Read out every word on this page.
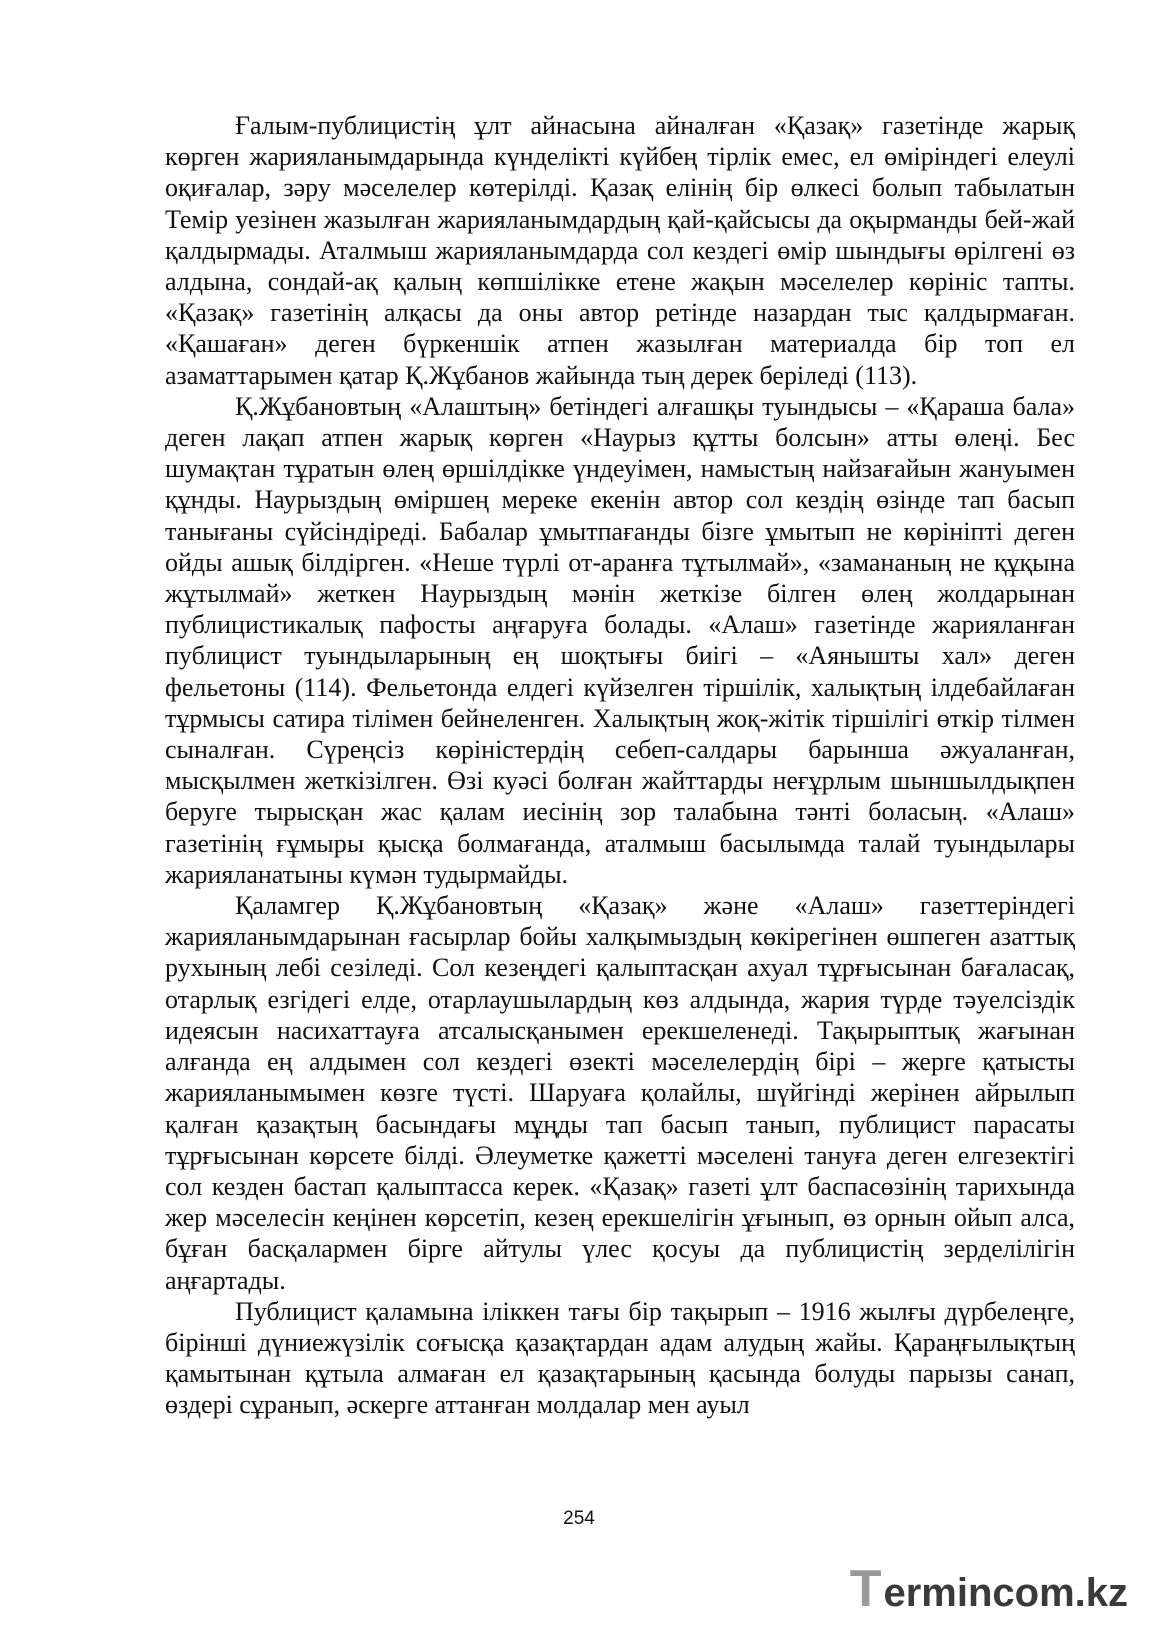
Ғалым-публицистің ұлт айнасына айналған «Қазақ» газетінде жарық көрген жарияланымдарында күнделікті күйбең тірлік емес, ел өміріндегі елеулі оқиғалар, зәру мәселелер көтерілді. Қазақ елінің бір өлкесі болып табылатын Темір уезінен жазылған жарияланымдардың қай-қайсысы да оқырманды бей-жай қалдырмады. Аталмыш жарияланымдарда сол кездегі өмір шындығы өрілгені өз алдына, сондай-ақ қалың көпшілікке етене жақын мәселелер көрініс тапты. «Қазақ» газетінің алқасы да оны автор ретінде назардан тыс қалдырмаған. «Қашаған» деген бүркеншік атпен жазылған материалда бір топ ел азаматтарымен қатар Қ.Жұбанов жайында тың дерек беріледі (113).

Қ.Жұбановтың «Алаштың» бетіндегі алғашқы туындысы – «Қараша бала» деген лақап атпен жарық көрген «Наурыз құтты болсын» атты өлеңі. Бес шумақтан тұратын өлең өршілдікке үндеуімен, намыстың найзағайын жануымен құнды. Наурыздың өміршең мереке екенін автор сол кездің өзінде тап басып танығаны сүйсіндіреді. Бабалар ұмытпағанды бізге ұмытып не көрініпті деген ойды ашық білдірген. «Неше түрлі от-аранға тұтылмай», «замананың не құқына жұтылмай» жеткен Наурыздың мәнін жеткізе білген өлең жолдарынан публицистикалық пафосты аңғаруға болады. «Алаш» газетінде жарияланған публицист туындыларының ең шоқтығы биігі – «Аянышты хал» деген фельетоны (114). Фельетонда елдегі күйзелген тіршілік, халықтың ілдебайлаған тұрмысы сатира тілімен бейнеленген. Халықтың жоқ-жітік тіршілігі өткір тілмен сыналған. Сүреңсіз көріністердің себеп-салдары барынша әжуаланған, мысқылмен жеткізілген. Өзі куәсі болған жайттарды неғұрлым шыншылдықпен беруге тырысқан жас қалам иесінің зор талабына тәнті боласың. «Алаш» газетінің ғұмыры қысқа болмағанда, аталмыш басылымда талай туындылары жарияланатыны күмән тудырмайды.

Қаламгер Қ.Жұбановтың «Қазақ» және «Алаш» газеттеріндегі жарияланымдарынан ғасырлар бойы халқымыздың көкірегінен өшпеген азаттық рухының лебі сезіледі. Сол кезеңдегі қалыптасқан ахуал тұрғысынан бағаласақ, отарлық езгідегі елде, отарлаушылардың көз алдында, жария түрде тәуелсіздік идеясын насихаттауға атсалысқанымен ерекшеленеді. Тақырыптық жағынан алғанда ең алдымен сол кездегі өзекті мәселелердің бірі – жерге қатысты жарияланымымен көзге түсті. Шаруаға қолайлы, шүйгінді жерінен айрылып қалған қазақтың басындағы мұңды тап басып танып, публицист парасаты тұрғысынан көрсете білді. Әлеуметке қажетті мәселені тануға деген елгезектігі сол кезден бастап қалыптасса керек. «Қазақ» газеті ұлт баспасөзінің тарихында жер мәселесін кеңінен көрсетіп, кезең ерекшелігін ұғынып, өз орнын ойып алса, бұған басқалармен бірге айтулы үлес қосуы да публицистің зерделілігін аңғартады.

Публицист қаламына іліккен тағы бір тақырып – 1916 жылғы дүрбелеңге, бірінші дүниежүзілік соғысқа қазақтардан адам алудың жайы. Қараңғылықтың қамытынан құтыла алмаған ел қазақтарының қасында болуды парызы санап, өздері сұранып, әскерге аттанған молдалар мен ауыл

254
T ermincom.kz
